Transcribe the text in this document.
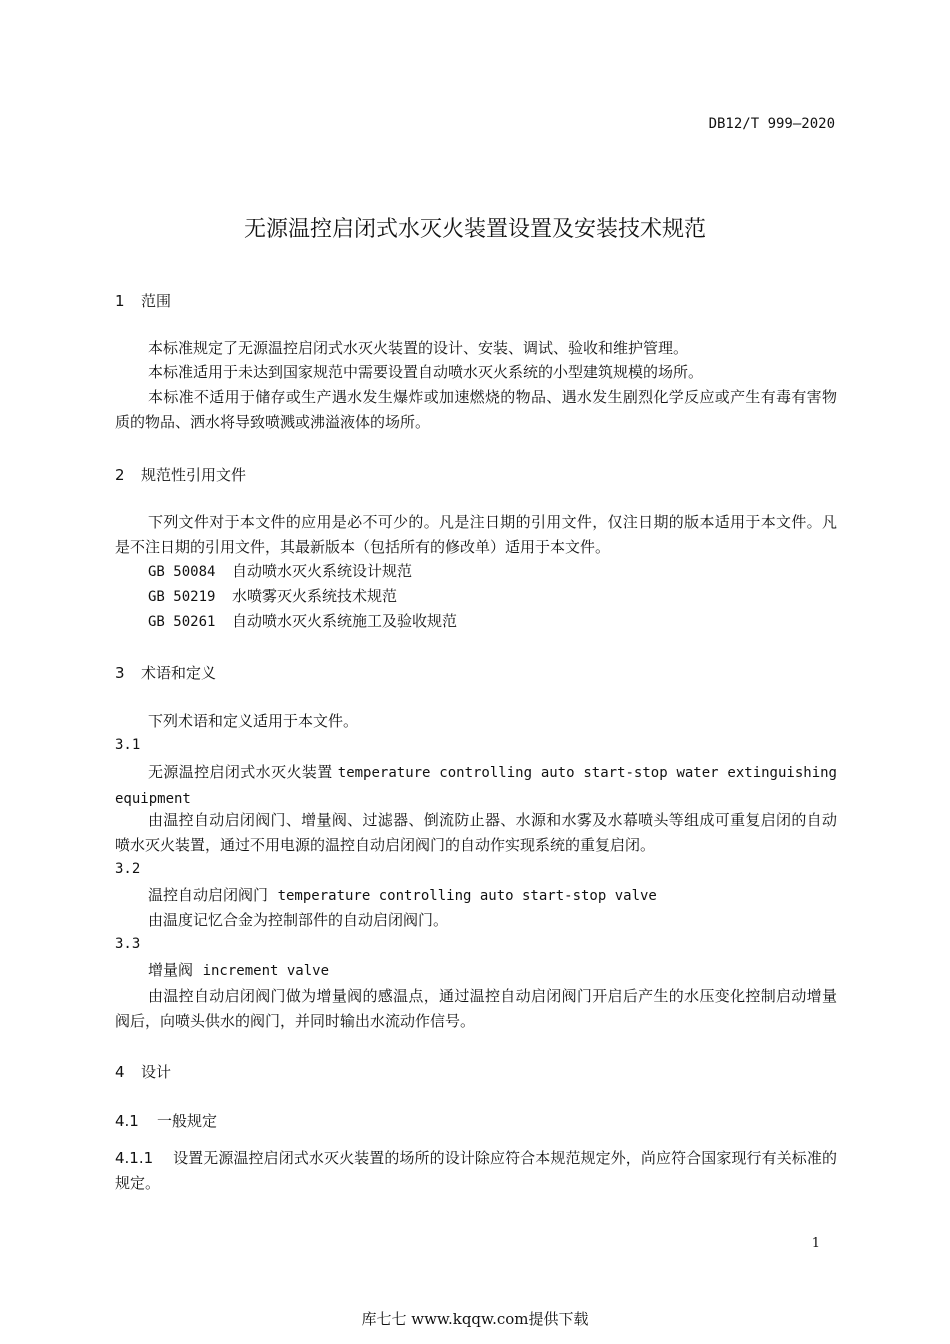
DB12/T 999—2020
无源温控启闭式水灭火装置设置及安装技术规范
1 范围
本标准规定了无源温控启闭式水灭火装置的设计、安装、调试、验收和维护管理。
本标准适用于未达到国家规范中需要设置自动喷水灭火系统的小型建筑规模的场所。
本标准不适用于储存或生产遇水发生爆炸或加速燃烧的物品、遇水发生剧烈化学反应或产生有毒有害物质的物品、洒水将导致喷溅或沸溢液体的场所。
2 规范性引用文件
下列文件对于本文件的应用是必不可少的。凡是注日期的引用文件，仅注日期的版本适用于本文件。凡是不注日期的引用文件，其最新版本（包括所有的修改单）适用于本文件。
GB 50084 自动喷水灭火系统设计规范
GB 50219 水喷雾灭火系统技术规范
GB 50261 自动喷水灭火系统施工及验收规范
3 术语和定义
下列术语和定义适用于本文件。
3.1
无源温控启闭式水灭火装置 temperature controlling auto start-stop water extinguishing equipment
由温控自动启闭阀门、增量阀、过滤器、倒流防止器、水源和水雾及水幕喷头等组成可重复启闭的自动喷水灭火装置，通过不用电源的温控自动启闭阀门的自动作实现系统的重复启闭。
3.2
温控自动启闭阀门 temperature controlling auto start-stop valve
由温度记忆合金为控制部件的自动启闭阀门。
3.3
增量阀 increment valve
由温控自动启闭阀门做为增量阀的感温点，通过温控自动启闭阀门开启后产生的水压变化控制启动增量阀后，向喷头供水的阀门，并同时输出水流动作信号。
4 设计
4.1 一般规定
4.1.1 设置无源温控启闭式水灭火装置的场所的设计除应符合本规范规定外，尚应符合国家现行有关标准的规定。
1
库七七 www.kqqw.com提供下载
